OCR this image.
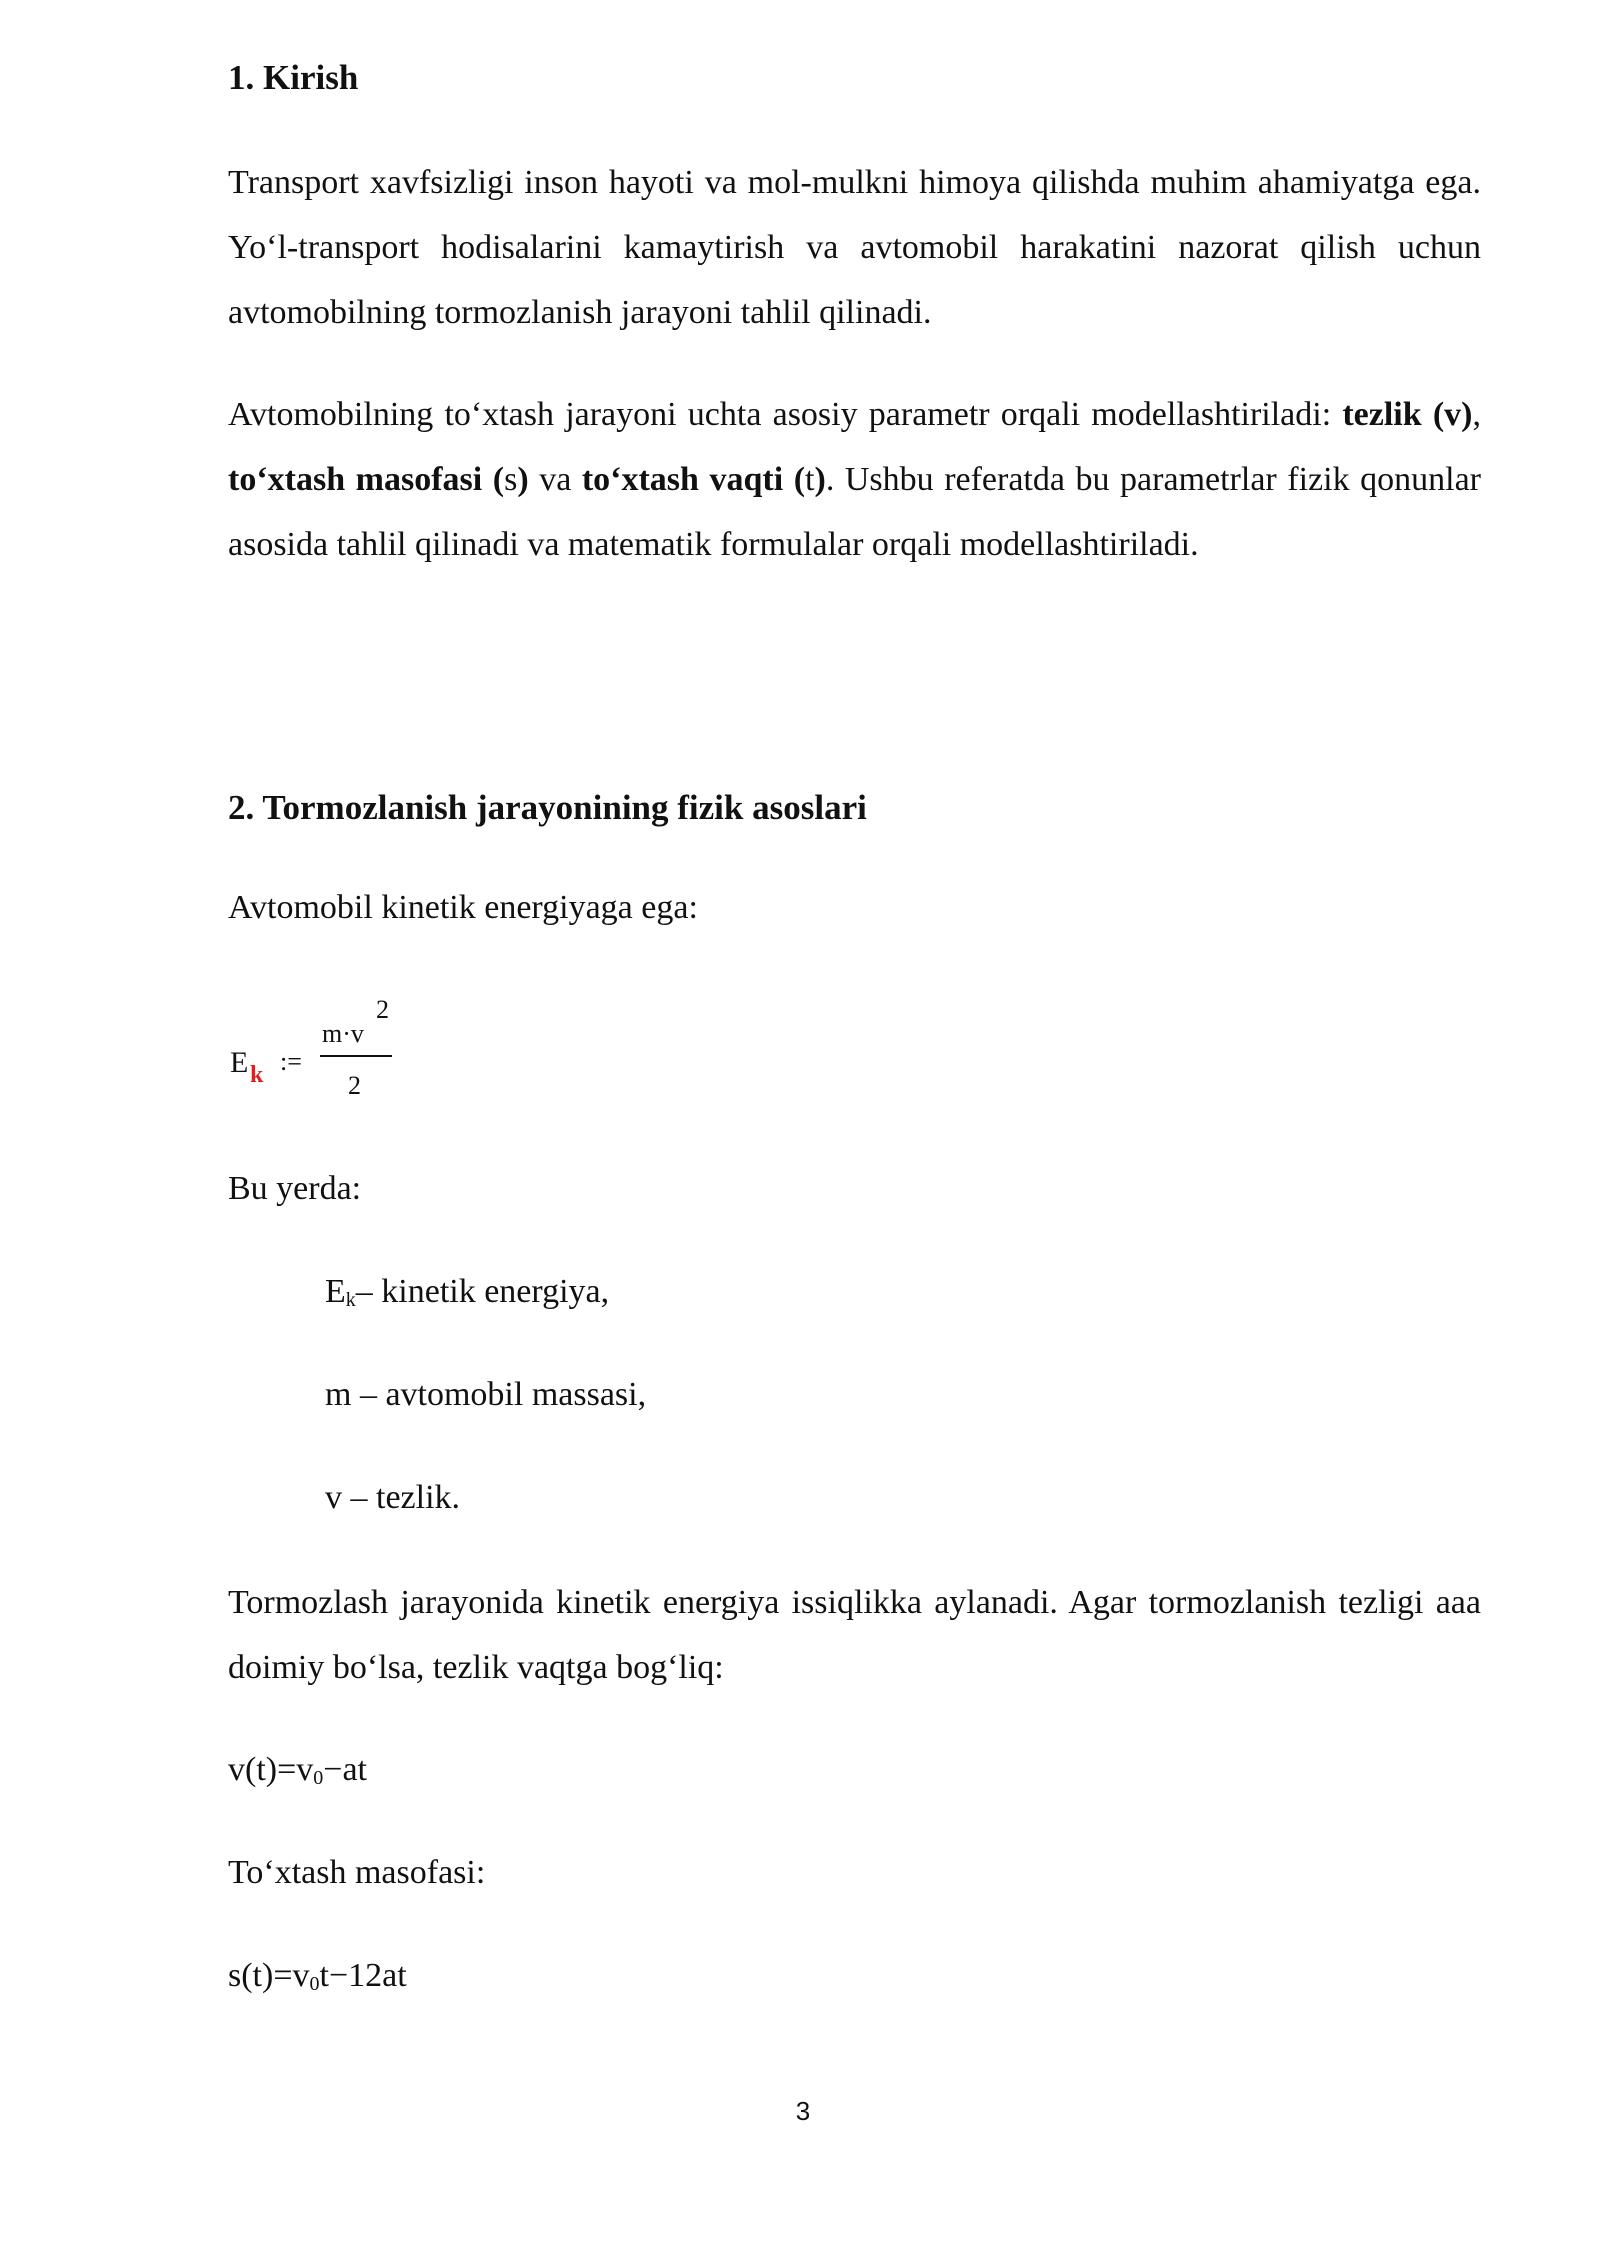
1. Kirish

Transport xavfsizligi inson hayoti va mol-mulkni himoya qilishda muhim ahamiyatga ega. Yo‘l-transport hodisalarini kamaytirish va avtomobil harakatini nazorat qilish uchun avtomobilning tormozlanish jarayoni tahlil qilinadi.

Avtomobilning to‘xtash jarayoni uchta asosiy parametr orqali modellashtiriladi: tezlik (v), to‘xtash masofasi (s) va to‘xtash vaqti (t). Ushbu referatda bu parametrlar fizik qonunlar asosida tahlil qilinadi va matematik formulalar orqali modellashtiriladi.

2. Tormozlanish jarayonining fizik asoslari

Avtomobil kinetik energiyaga ega:

E k :=
m·v
2
2

Bu yerda:

$E_k-$ kinetik energiya,

m – avtomobil massasi,

v – tezlik.

Tormozlash jarayonida kinetik energiya issiqlikka aylanadi. Agar tormozlanish tezligi aaa doimiy bo‘lsa, tezlik vaqtga bog‘liq:

$v(t)=v_0-at$

To‘xtash masofasi:

$s(t)=v_0t-12at$

3
